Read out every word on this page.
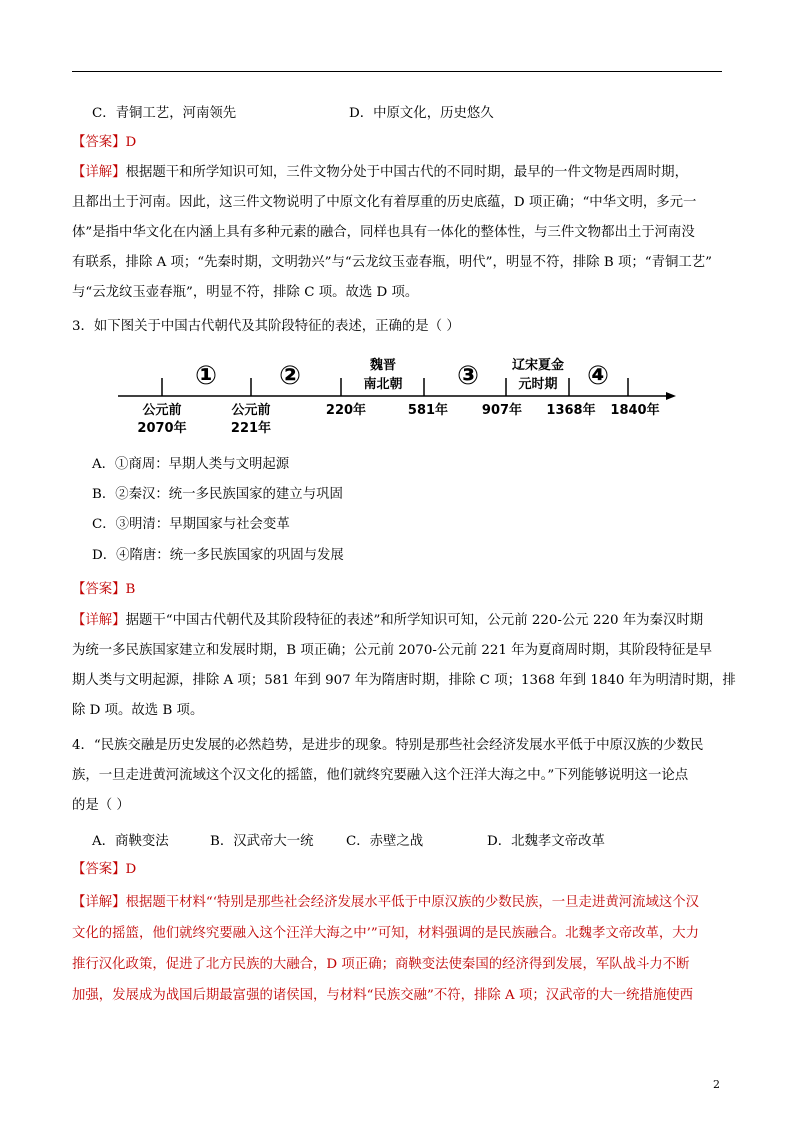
C．青铜工艺，河南领先	D．中原文化，历史悠久
【答案】D
【详解】根据题干和所学知识可知，三件文物分处于中国古代的不同时期，最早的一件文物是西周时期，
且都出土于河南。因此，这三件文物说明了中原文化有着厚重的历史底蕴，D 项正确；“中华文明，多元一
体”是指中华文化在内涵上具有多种元素的融合，同样也具有一体化的整体性，与三件文物都出土于河南没
有联系，排除 A 项；“先秦时期，文明勃兴”与“云龙纹玉壶春瓶，明代”，明显不符，排除 B 项；“青铜工艺”
与“云龙纹玉壶春瓶”，明显不符，排除 C 项。故选 D 项。
3．如下图关于中国古代朝代及其阶段特征的表述，正确的是（ ）
① ②	魏晋
南北朝 ③	辽宋夏金
元时期 ④
公元前
2070年
公元前
221年
220年	581年	907年 1368年 1840年
A．①商周：早期人类与文明起源
B．②秦汉：统一多民族国家的建立与巩固
C．③明清：早期国家与社会变革
D．④隋唐：统一多民族国家的巩固与发展
【答案】B
【详解】据题干“中国古代朝代及其阶段特征的表述”和所学知识可知，公元前 220-公元 220 年为秦汉时期
为统一多民族国家建立和发展时期，B 项正确；公元前 2070-公元前 221 年为夏商周时期，其阶段特征是早
期人类与文明起源，排除 A 项；581 年到 907 年为隋唐时期，排除 C 项；1368 年到 1840 年为明清时期，排
除 D 项。故选 B 项。
4．“民族交融是历史发展的必然趋势，是进步的现象。特别是那些社会经济发展水平低于中原汉族的少数民
族，一旦走进黄河流域这个汉文化的摇篮，他们就终究要融入这个汪洋大海之中。”下列能够说明这一论点
的是（ ）
A．商鞅变法	B．汉武帝大一统 C．赤壁之战	D．北魏孝文帝改革
【答案】D
【详解】根据题干材料“‘特别是那些社会经济发展水平低于中原汉族的少数民族，一旦走进黄河流域这个汉
文化的摇篮，他们就终究要融入这个汪洋大海之中’”可知，材料强调的是民族融合。北魏孝文帝改革，大力
推行汉化政策，促进了北方民族的大融合，D 项正确；商鞅变法使秦国的经济得到发展，军队战斗力不断
加强，发展成为战国后期最富强的诸侯国，与材料“民族交融”不符，排除 A 项；汉武帝的大一统措施使西
2
